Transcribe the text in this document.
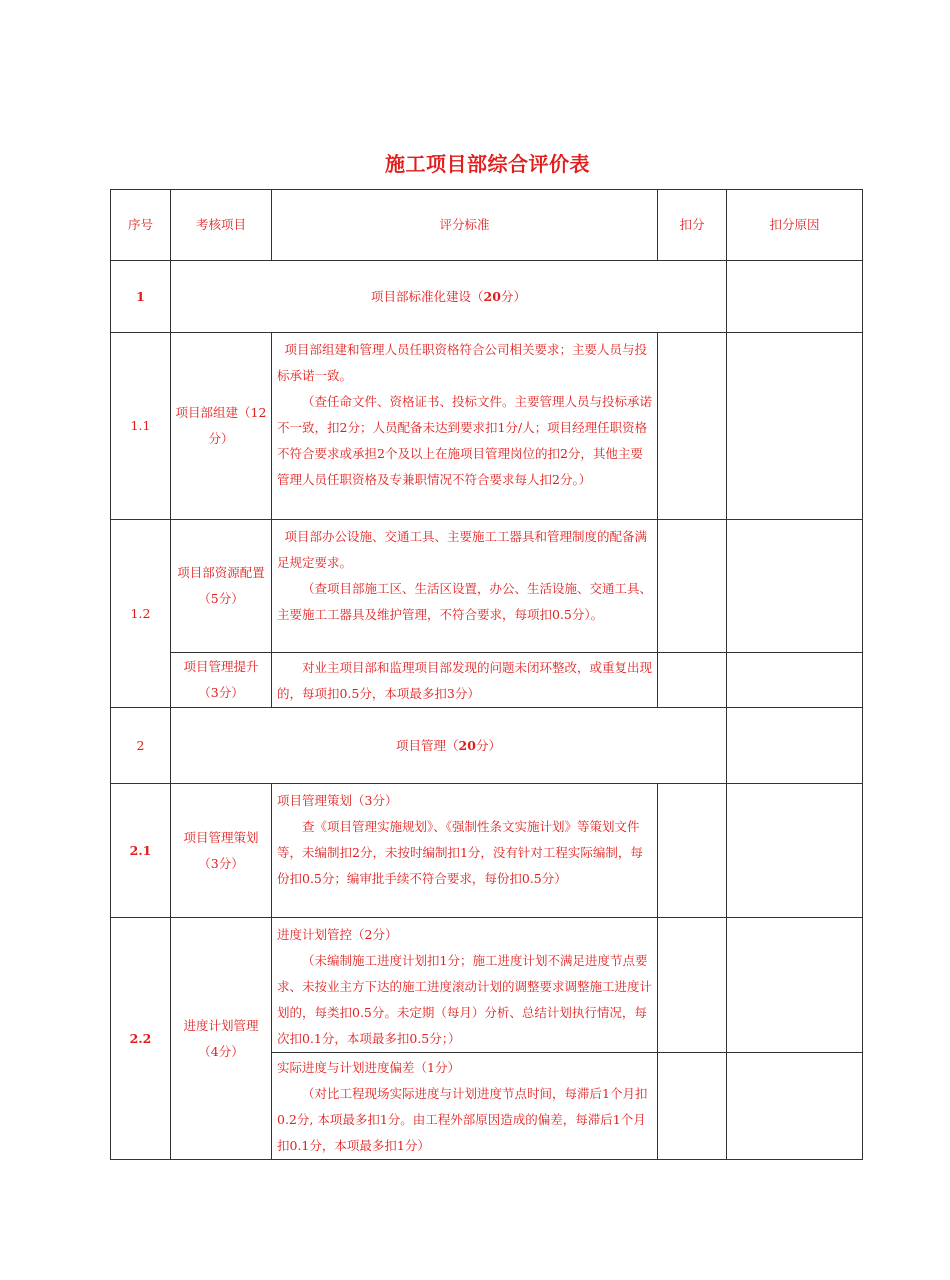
施工项目部综合评价表
序号	考核项目	评分标准	扣分	扣分原因
1	项目部标准化建设（20分）			
1.1	项目部组建（12分）	项目部组建和管理人员任职资格符合公司相关要求；主要人员与投标承诺一致。

（查任命文件、资格证书、投标文件。主要管理人员与投标承诺不一致，扣2分；人员配备未达到要求扣1分/人；项目经理任职资格不符合要求或承担2个及以上在施项目管理岗位的扣2分，其他主要管理人员任职资格及专兼职情况不符合要求每人扣2分。）		

1.2	项目部资源配置（5分）	项目部办公设施、交通工具、主要施工工器具和管理制度的配备满足规定要求。

（查项目部施工区、生活区设置，办公、生活设施、交通工具、主要施工工器具及维护管理，不符合要求，每项扣0.5分）。		

	项目管理提升（3分）	对业主项目部和监理项目部发现的问题未闭环整改，或重复出现的，每项扣0.5分，本项最多扣3分）		

2	项目管理（20分）			
2.1	项目管理策划（3分）	项目管理策划（3分）

查《项目管理实施规划》、《强制性条文实施计划》等策划文件等，未编制扣2分，未按时编制扣1分，没有针对工程实际编制，每份扣0.5分；编审批手续不符合要求，每份扣0.5分）		

2.2	进度计划管理（4分）	进度计划管控（2分）

（未编制施工进度计划扣1分；施工进度计划不满足进度节点要求、未按业主方下达的施工进度滚动计划的调整要求调整施工进度计划的，每类扣0.5分。未定期（每月）分析、总结计划执行情况，每次扣0.1分，本项最多扣0.5分；）		

		实际进度与计划进度偏差（1分）

（对比工程现场实际进度与计划进度节点时间，每滞后1个月扣0.2分, 本项最多扣1分。由工程外部原因造成的偏差，每滞后1个月扣0.1分，本项最多扣1分）		
